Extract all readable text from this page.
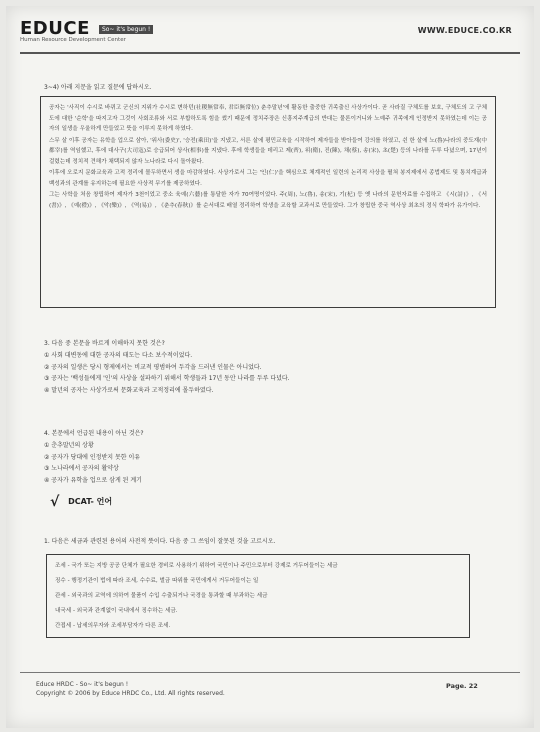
EDUCE So~ it's begun !
Human Resource Development Center
WWW.EDUCE.CO.KR
3~4) 아래 지문을 읽고 질문에 답하시오.

공자는 '사직이 수시로 바뀌고 군신의 지위가 수시로 변하던(社稷無常奉, 君臣無常位) 춘추말년'에 활동한 출중한 귀족출신 사상가이다. 곧 사라질 구체도를 보호, 구체도의 고 구체도에 대한 '순학'을 따지고자 그것이 사회조류와 서로 부합하도록 힘을 썼기 때문에 정치주장은 신흥지주계급의 반대는 물론이거니와 노예주 귀족에게 인정받지 못하였는데 이는 공자의 일생을 우울하게 만들었고 뜻을 이루지 못하게 하였다.

스무 살 이후 공자는 유학을 업으로 삼아, '위사(委史)', '승전(乘田)'을 지냈고, 서른 살에 평민교육을 시작하여 제자들을 받아들여 강의를 하였고, 쉰 한 살에 노(魯)나라의 중도재(中都宰)를 역임했고, 후에 대사구(大司寇)로 승급되어 상사(相事)를 지냈다. 후에 학생들을 데리고 제(齊), 위(衛), 진(陳), 채(蔡), 송(宋), 초(楚) 등의 나라를 두루 다녔으며, 17년이 걸렸는데 정치적 견해가 채택되지 않자 노나라로 다시 돌아왔다.

이후에 오로지 문화교육과 고적 정리에 몰두하면서 생을 마감하였다. 사상가로서 그는 '인(仁)'을 핵심으로 체계적인 일련의 논리적 사상을 펼쳐 봉지제에서 종법제도 및 통치계급과 백성과의 관계를 유지하는데 필요한 사상적 무기를 제공하였다.

그는 사학을 처음 창립하여 제자가 3천이었고 중소 육예(六藝)를 통달한 자가 70여명이었다. 주(周), 노(魯), 송(宋), 기(杞) 등 옛 나라의 문헌자료를 수집하고 《시(詩)》, 《서(書)》, 《예(禮)》, 《악(樂)》, 《역(易)》, 《춘추(春秋)》를 순서대로 배열 정리하여 학생을 교육할 교과서로 만들었다. 그가 창립한 중국 역사상 최초의 정식 학파가 유가이다.

3. 다음 중 본문을 바르게 이해하지 못한 것은?
① 사회 대변동에 대한 공자의 태도는 다소 보수적이었다.
② 공자의 일생은 당시 형제에서는 비교적 평범하여 두각을 드러낸 인물은 아니었다.
③ 공자는 '백성들에게 '인'의 사상을 설파하기 위해서 학생들과 17년 동안 나라를 두루 다녔다.
④ 말년의 공자는 사상가로써 문화교육과 고적정리에 몰두하였다.
4. 본문에서 언급된 내용이 아닌 것은?
① 춘추말년의 상황
② 공자가 당대에 인정받지 못한 이유
③ 노나라에서 공자의 활약상
④ 공자가 유학을 업으로 삼게 된 계기
√ DCAT- 언어
1. 다음은 세금과 관련된 용어의 사전적 뜻이다. 다음 중 그 쓰임이 잘못된 것을 고르시오.
조세 - 국가 또는 지방 공공 단체가 필요한 경비로 사용하기 위하여 국민이나 주민으로부터 강제로 거두어들이는 세금
징수 - 행정기관이 법에 따라 조세, 수수료, 벌금 따위를 국민에게서 거두어들이는 일
관세 - 외국과의 교역에 의하여 물품이 수입 수출되거나 국경을 통과할 때 부과하는 세금
내국세 - 외국과 관계없이 국내에서 징수하는 세금.
간접세 - 납세의무자와 조세부담자가 다른 조세.
Educe HRDC - So~ it's begun !
Copyright © 2006 by Educe HRDC Co., Ltd. All rights reserved.
Page. 22
